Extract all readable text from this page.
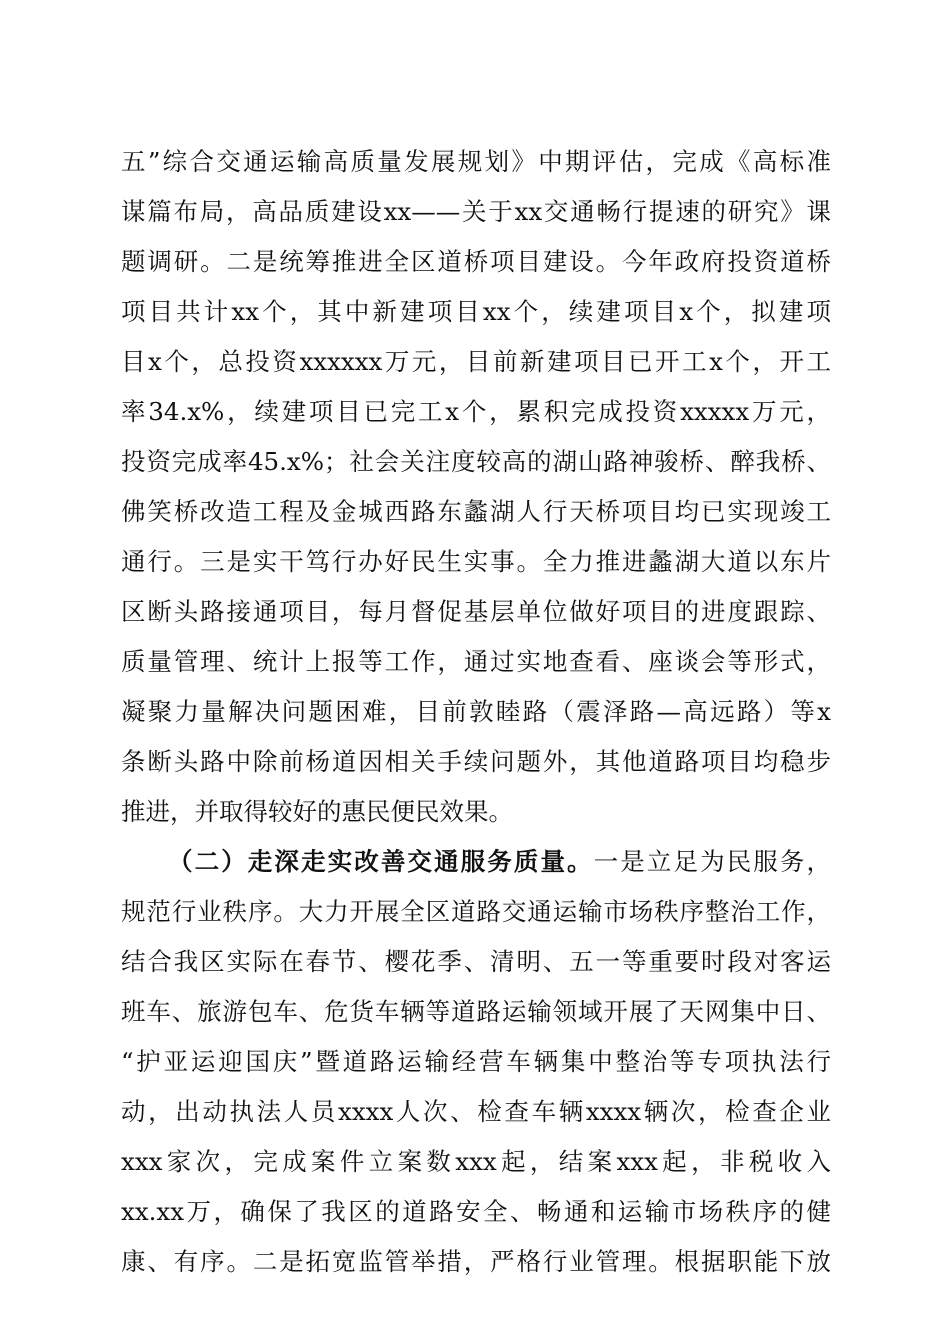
五”综合交通运输高质量发展规划》中期评估，完成《高标准
谋篇布局，高品质建设xx——关于xx交通畅行提速的研究》课
题调研。二是统筹推进全区道桥项目建设。今年政府投资道桥
项目共计xx个，其中新建项目xx个，续建项目x个，拟建项
目x个，总投资xxxxxx万元，目前新建项目已开工x个，开工
率34.x%，续建项目已完工x个，累积完成投资xxxxx万元，
投资完成率45.x%；社会关注度较高的湖山路神骏桥、醉我桥、
佛笑桥改造工程及金城西路东蠡湖人行天桥项目均已实现竣工
通行。三是实干笃行办好民生实事。全力推进蠡湖大道以东片
区断头路接通项目，每月督促基层单位做好项目的进度跟踪、
质量管理、统计上报等工作，通过实地查看、座谈会等形式，
凝聚力量解决问题困难，目前敦睦路（震泽路—高远路）等x
条断头路中除前杨道因相关手续问题外，其他道路项目均稳步
推进，并取得较好的惠民便民效果。
（二）走深走实改善交通服务质量。一是立足为民服务，
规范行业秩序。大力开展全区道路交通运输市场秩序整治工作，
结合我区实际在春节、樱花季、清明、五一等重要时段对客运
班车、旅游包车、危货车辆等道路运输领域开展了天网集中日、
“护亚运迎国庆”暨道路运输经营车辆集中整治等专项执法行
动，出动执法人员xxxx人次、检查车辆xxxx辆次，检查企业
xxx家次，完成案件立案数xxx起，结案xxx起，非税收入
xx.xx万，确保了我区的道路安全、畅通和运输市场秩序的健
康、有序。二是拓宽监管举措，严格行业管理。根据职能下放
